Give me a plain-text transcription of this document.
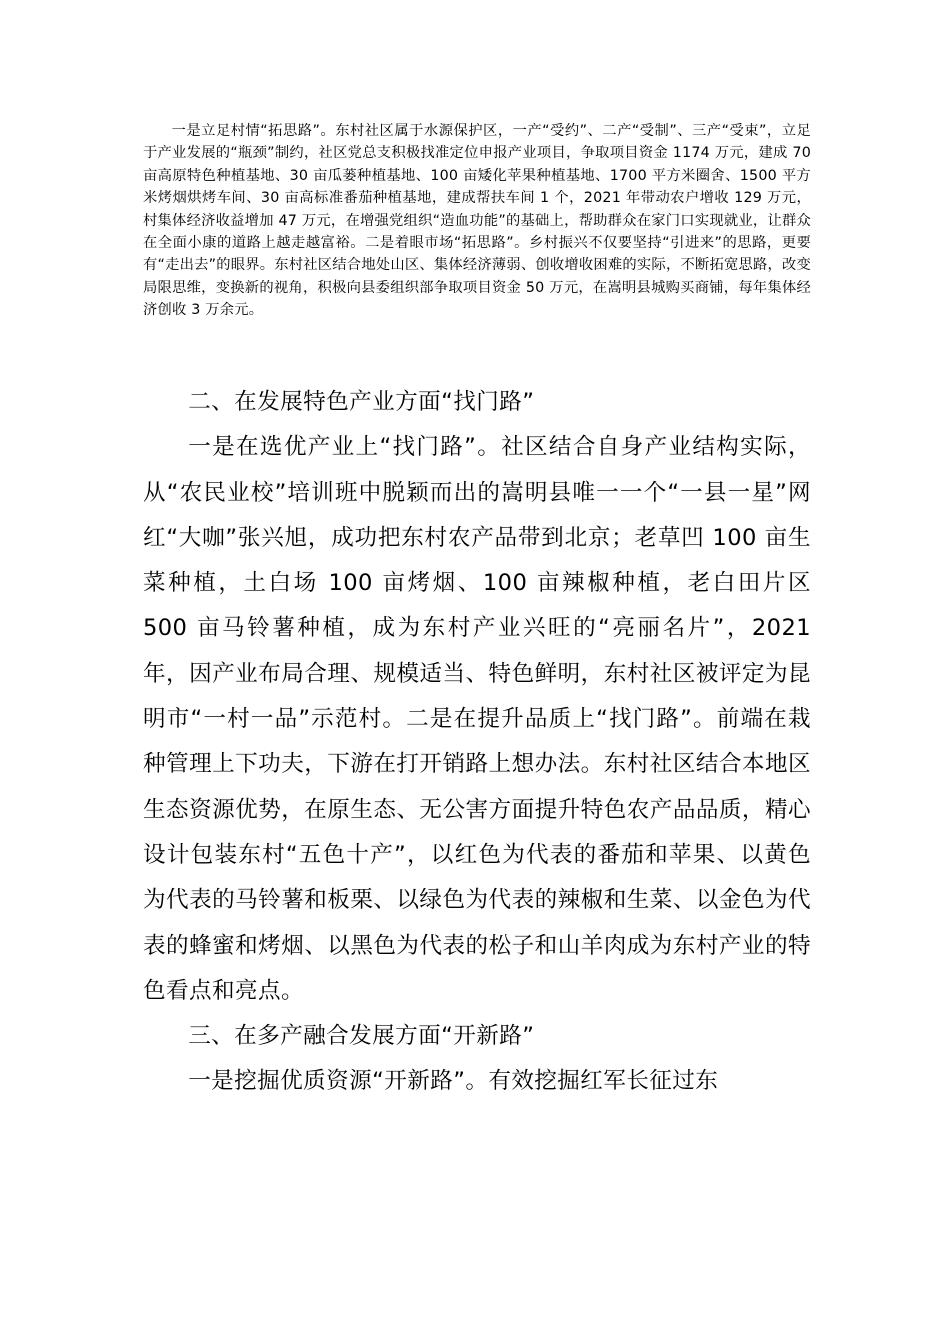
一是立足村情“拓思路”。东村社区属于水源保护区，一产“受约”、二产“受制”、三产“受束”，立足于产业发展的“瓶颈”制约，社区党总支积极找准定位申报产业项目，争取项目资金 1174 万元，建成 70 亩高原特色种植基地、30 亩瓜蒌种植基地、100 亩矮化苹果种植基地、1700 平方米圈舍、1500 平方米烤烟烘烤车间、30 亩高标准番茄种植基地，建成帮扶车间 1 个，2021 年带动农户增收 129 万元，村集体经济收益增加 47 万元，在增强党组织“造血功能”的基础上，帮助群众在家门口实现就业，让群众在全面小康的道路上越走越富裕。二是着眼市场“拓思路”。乡村振兴不仅要坚持“引进来”的思路，更要有“走出去”的眼界。东村社区结合地处山区、集体经济薄弱、创收增收困难的实际，不断拓宽思路，改变局限思维，变换新的视角，积极向县委组织部争取项目资金 50 万元，在嵩明县城购买商铺，每年集体经济创收 3 万余元。

二、在发展特色产业方面“找门路”

一是在选优产业上“找门路”。社区结合自身产业结构实际，从“农民业校”培训班中脱颖而出的嵩明县唯一一个“一县一星”网红“大咖”张兴旭，成功把东村农产品带到北京；老草凹 100 亩生菜种植，土白场 100 亩烤烟、100 亩辣椒种植，老白田片区 500 亩马铃薯种植，成为东村产业兴旺的“亮丽名片”，2021 年，因产业布局合理、规模适当、特色鲜明，东村社区被评定为昆明市“一村一品”示范村。二是在提升品质上“找门路”。前端在栽种管理上下功夫，下游在打开销路上想办法。东村社区结合本地区生态资源优势，在原生态、无公害方面提升特色农产品品质，精心设计包装东村“五色十产”，以红色为代表的番茄和苹果、以黄色为代表的马铃薯和板栗、以绿色为代表的辣椒和生菜、以金色为代表的蜂蜜和烤烟、以黑色为代表的松子和山羊肉成为东村产业的特色看点和亮点。

三、在多产融合发展方面“开新路”

一是挖掘优质资源“开新路”。有效挖掘红军长征过东
